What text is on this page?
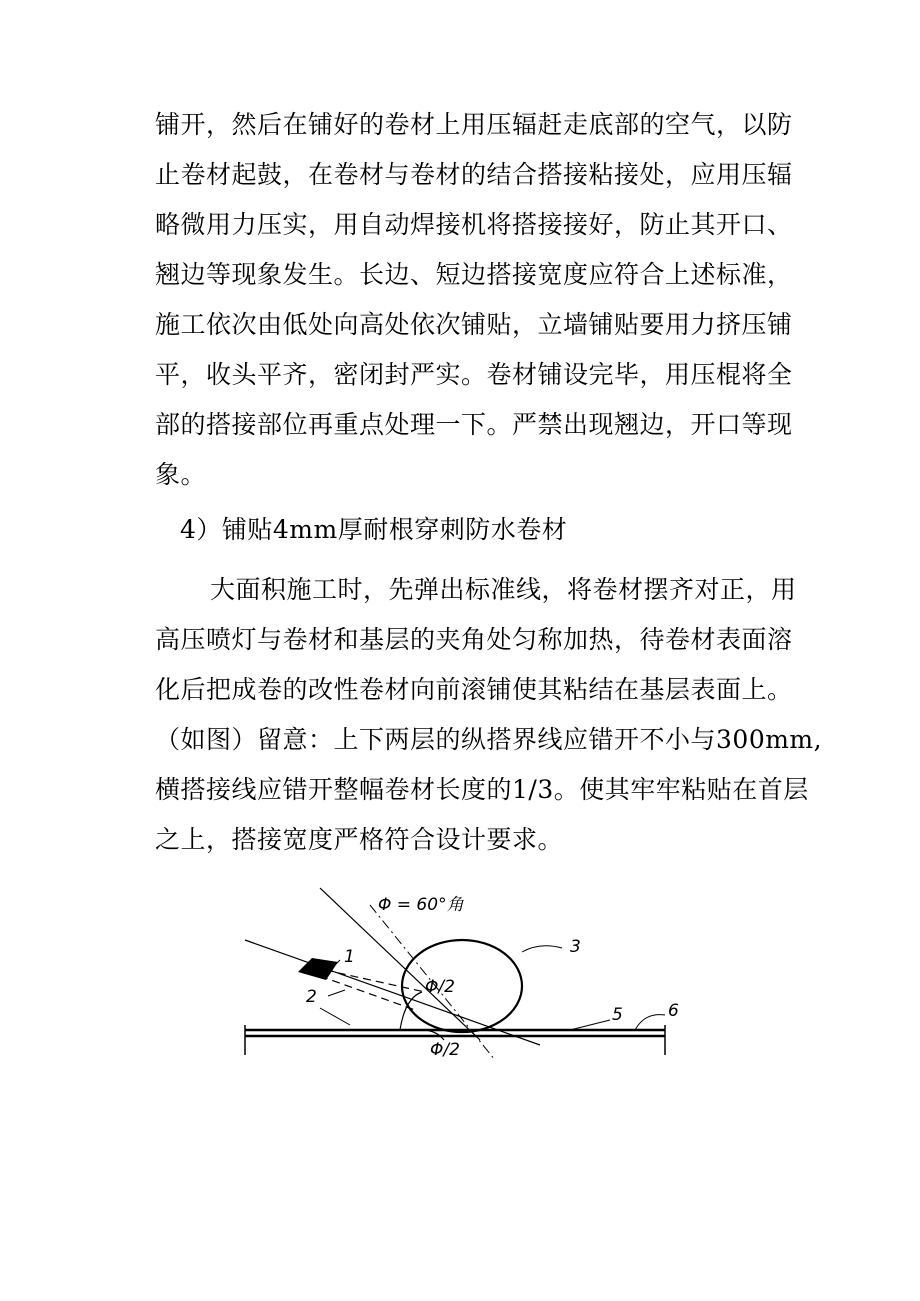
铺开，然后在铺好的卷材上用压辐赶走底部的空气，以防
止卷材起鼓，在卷材与卷材的结合搭接粘接处，应用压辐
略微用力压实，用自动焊接机将搭接接好，防止其开口、
翘边等现象发生。长边、短边搭接宽度应符合上述标准，
施工依次由低处向高处依次铺贴，立墙铺贴要用力挤压铺
平，收头平齐，密闭封严实。卷材铺设完毕，用压棍将全
部的搭接部位再重点处理一下。严禁出现翘边，开口等现
象。
4）铺贴4mm厚耐根穿刺防水卷材
大面积施工时，先弹出标准线，将卷材摆齐对正，用
高压喷灯与卷材和基层的夹角处匀称加热，待卷材表面溶
化后把成卷的改性卷材向前滚铺使其粘结在基层表面上。
（如图）留意：上下两层的纵搭界线应错开不小与300mm,
横搭接线应错开整幅卷材长度的1/3。使其牢牢粘贴在首层
之上，搭接宽度严格符合设计要求。
Φ = 60°角
1
2
3
5	6
Φ/2
Φ/2
